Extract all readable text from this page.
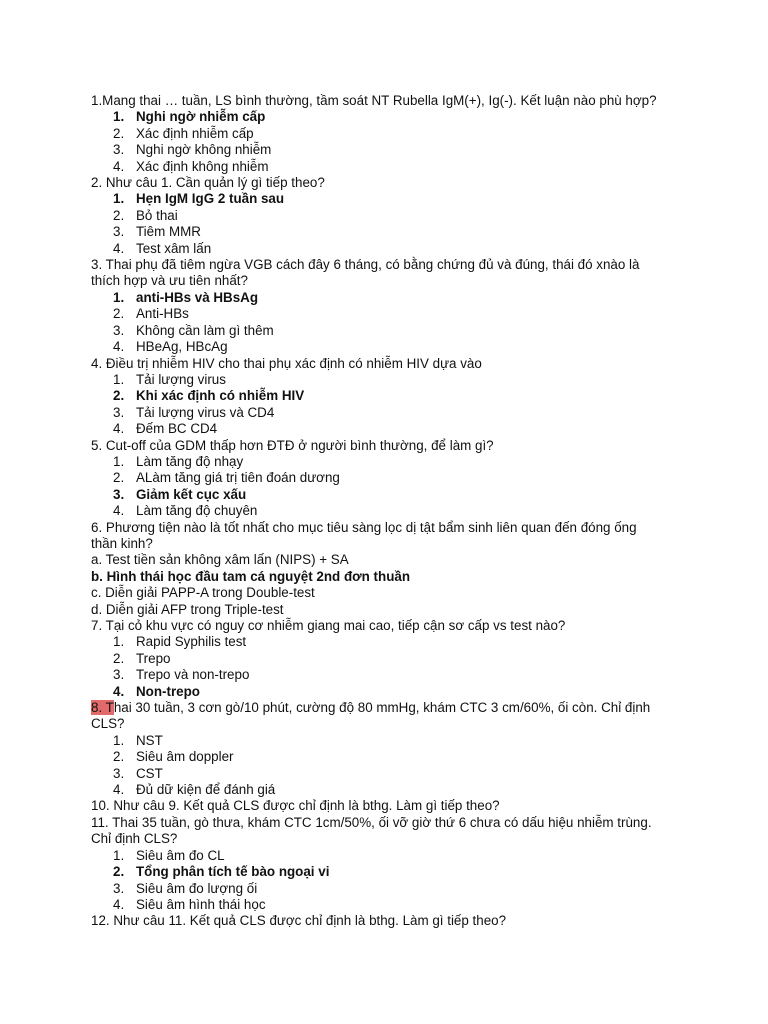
1.Mang thai … tuần, LS bình thường, tầm soát NT Rubella IgM(+), Ig(-). Kết luận nào phù hợp?
1. Nghi ngờ nhiễm cấp
2. Xác định nhiễm cấp
3. Nghi ngờ không nhiễm
4. Xác định không nhiễm
2. Như câu 1. Cần quản lý gì tiếp theo?
1. Hẹn IgM IgG 2 tuần sau
2. Bỏ thai
3. Tiêm MMR
4. Test xâm lấn
3. Thai phụ đã tiêm ngừa VGB cách đây 6 tháng, có bằng chứng đủ và đúng, thái đó xnào là
thích hợp và ưu tiên nhất?
1. anti-HBs và HBsAg
2. Anti-HBs
3. Không cần làm gì thêm
4. HBeAg, HBcAg
4. Điều trị nhiễm HIV cho thai phụ xác định có nhiễm HIV dựa vào
1. Tải lượng virus
2. Khi xác định có nhiễm HIV
3. Tải lượng virus và CD4
4. Đếm BC CD4
5. Cut-off của GDM thấp hơn ĐTĐ ở người bình thường, để làm gì?
1. Làm tăng độ nhạy
2. ALàm tăng giá trị tiên đoán dương
3. Giảm kết cục xấu
4. Làm tăng độ chuyên
6. Phương tiện nào là tốt nhất cho mục tiêu sàng lọc dị tật bẩm sinh liên quan đến đóng ống
thần kinh?
a. Test tiền sản không xâm lấn (NIPS) + SA
b. Hình thái học đầu tam cá nguyệt 2nd đơn thuần
c. Diễn giải PAPP-A trong Double-test
d. Diễn giải AFP trong Triple-test
7. Tại cỏ khu vực có nguy cơ nhiễm giang mai cao, tiếp cận sơ cấp vs test nào?
1. Rapid Syphilis test
2. Trepo
3. Trepo và non-trepo
4. Non-trepo
8. Thai 30 tuần, 3 cơn gò/10 phút, cường độ 80 mmHg, khám CTC 3 cm/60%, ối còn. Chỉ định
CLS?
1. NST
2. Siêu âm doppler
3. CST
4. Đủ dữ kiện để đánh giá
10. Như câu 9. Kết quả CLS được chỉ định là bthg. Làm gì tiếp theo?
11. Thai 35 tuần, gò thưa, khám CTC 1cm/50%, ối vỡ giờ thứ 6 chưa có dấu hiệu nhiễm trùng.
Chỉ định CLS?
1. Siêu âm đo CL
2. Tổng phân tích tế bào ngoại vi
3. Siêu âm đo lượng ối
4. Siêu âm hình thái học
12. Như câu 11. Kết quả CLS được chỉ định là bthg. Làm gì tiếp theo?
